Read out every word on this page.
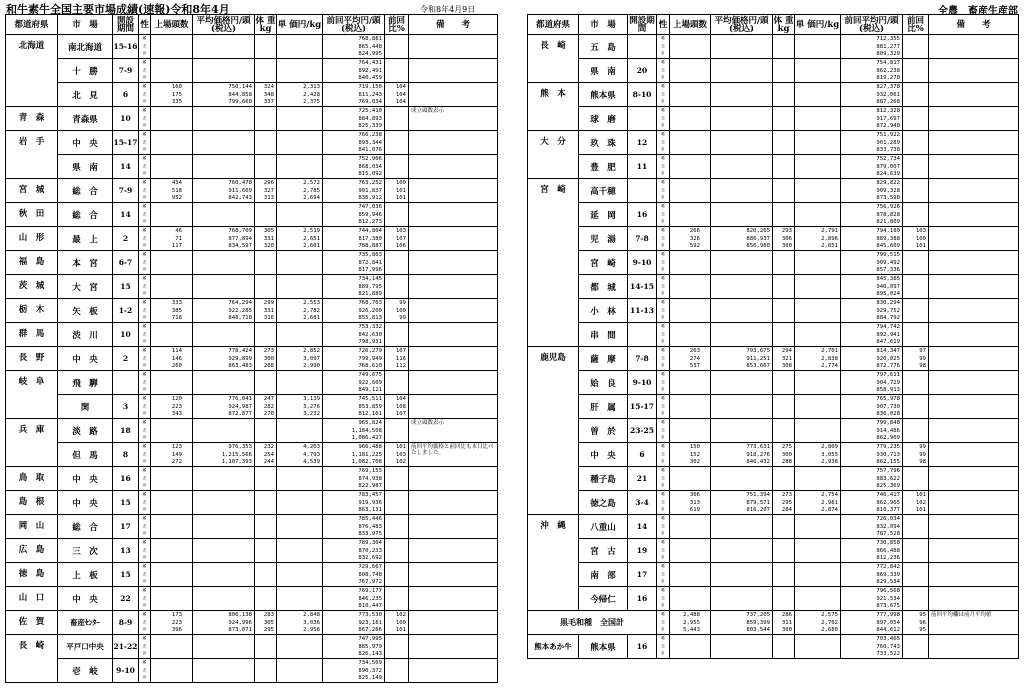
和牛素牛全国主要市場成績(速報)令和8年4月	令和8年4月9日	全農　畜産生産部
都道府県	市　場	開設期間	性	上場頭数	平均価格円/頭(税込)	体 重kg	単 価円/kg	前回平均円/頭(税込)	前回比%	備　　考
北海道	南北海道	15-16	雌					768,881		
			去					865,448		
			計					824,995		
	十　勝	7-9	雌					764,431		
			去					892,491		
			計					840,459		
	北　見	6	雌	160	750,144	324	2,313	719,150	104	
			去	175	844,858	348	2,428	811,243	104	
			計	335	799,660	337	2,375	769,034	104	
青　森	青森県	10	雌					725,410		成立頭数表示
			去					884,893		
			計					825,339		
岩　手	中　央	15-17	雌					766,238		
			去					893,344		
			計					841,076		
	県　南	14	雌					752,906		
			去					868,034		
			計					815,092		
宮　城	総　合	7-9	雌	434	760,478	296	2,572	763,252	100	
			去	518	911,669	327	2,785	901,837	101	
			計	952	842,743	313	2,694	836,912	101	
秋　田	総　合	14	雌					747,036		
			去					859,946		
			計					812,273		
山　形	最　上	2	雌	46	768,709	305	2,519	744,804	103	
			去	71	877,894	331	2,651	817,380	107	
			計	117	834,597	320	2,601	788,887	106	
福　島	本　宮	6-7	雌					735,863		
			去					872,841		
			計					817,996		
茨　城	大　宮	15	雌					734,145		
			去					889,795		
			計					821,889		
栃　木	矢　板	1-2	雌	333	764,294	299	2,553	768,763	99	
			去	385	922,285	331	2,782	926,200	100	
			計	718	848,718	316	2,681	855,813	99	
群　馬	渋　川	10	雌					753,332		
			去					842,630		
			計					798,931		
長　野	中　央	2	雌	114	778,424	273	2,852	726,279	107	
			去	146	929,899	300	3,097	799,949	116	
			計	260	863,483	288	2,990	768,610	112	
岐　阜	飛　騨		雌					749,675		
			去					922,609		
			計					849,121		
	関	3	雌	120	776,041	247	3,139	745,511	104	
			去	223	924,987	282	3,276	853,859	108	
			計	343	872,877	270	3,232	812,161	107	
兵　庫	淡　路	18	雌					965,824		成立頭数表示
			去					1,184,508		
			計					1,086,427		
	但　馬	8	雌	123	976,353	232	4,203	966,488	101	前回平均価格と前回比も本日比べたしました。
			去	149	1,215,566	254	4,793	1,181,225	103	
			計	272	1,107,393	244	4,539	1,082,708	102	
鳥　取	中　央	16	雌					769,155		
			去					874,938		
			計					822,987		
島　根	中　央	15	雌					783,457		
			去					919,936		
			計					863,131		
岡　山	総　合	17	雌					785,446		
			去					876,483		
			計					833,975		
広　島	三　次	13	雌					789,304		
			去					870,233		
			計					832,692		
徳　島	上　板	15	雌					729,667		
			去					808,748		
			計					767,972		
山　口	中　央	22	雌					769,177		
			去					846,235		
			計					810,447		
佐　賀	畜産ｾﾝﾀｰ	8-9	雌	173	806,138	283	2,848	773,530	102	
			去	223	924,996	305	3,036	923,181	100	
			計	396	873,071	295	2,956	867,286	101	
長　崎	平戸口中央	21-22	雌					747,995		
			去					885,979		
			計					826,143		
	壱　岐	9-10	雌					734,569		
			去					890,372		
			計					825,149		
都道府県	市　場	開設期間	性	上場頭数	平均価格円/頭(税込)	体 重kg	単 価円/kg	前回平均円/頭(税込)	前回比%	備　　考
長　崎	五　島		雌					712,355		
			去					881,277		
			計					809,329		
	県　南	20	雌					754,817		
			去					862,238		
			計					819,270		
熊　本	熊本県	8-10	雌					827,378		
			去					932,061		
			計					887,268		
	球　磨		雌					812,328		
			去					917,697		
			計					872,940		
大　分	玖　珠	12	雌					751,922		
			去					901,289		
			計					833,738		
	豊　肥	11	雌					752,734		
			去					879,007		
			計					824,639		
宮　崎	高千穂		雌					829,822		
			去					909,328		
			計					873,590		
	延　岡	16	雌					756,926		
			去					878,828		
			計					821,809		
	児　湯	7-8	雌	266	820,265	293	2,791	794,180	103	
			去	326	886,937	306	2,896	889,388	100	
			計	592	856,980	300	2,851	845,609	101	
	宮　崎	9-10	雌					799,515		
			去					909,492		
			計					857,336		
	都　城	14-15	雌					845,385		
			去					940,097		
			計					895,024		
	小　林	11-13	雌					830,294		
			去					929,752		
			計					884,792		
	串　間		雌					794,742		
			去					892,941		
			計					847,619		
鹿児島	薩　摩	7-8	雌	263	793,675	294	2,701	814,347	97	
			去	274	911,251	321	2,838	920,025	99	
			計	537	853,667	308	2,774	872,776	98	
	姶　良	9-10	雌					797,611		
			去					904,729		
			計					858,913		
	肝　属	15-17	雌					765,978		
			去					907,730		
			計					836,028		
	曽　於	23-25	雌					799,848		
			去					914,486		
			計					862,909		
	中　央	6	雌	150	773,631	275	2,809	779,235	99	
			去	152	918,276	300	3,055	930,713	99	
			計	302	846,432	288	2,938	862,155	98	
	種子島	21	雌					757,796		
			去					883,622		
			計					825,369		
	徳之島	3-4	雌	306	751,394	273	2,754	746,417	101	
			去	313	879,571	295	2,981	862,965	102	
			計	619	816,207	284	2,874	810,377	101	
沖　縄	八重山	14	雌					726,034		
			去					832,094		
			計					787,528		
	宮　古	19	雌					730,858		
			去					866,488		
			計					812,236		
	南　部	17	雌					772,842		
			去					869,339		
			計					829,534		
	今帰仁	16	雌					796,568		
			去					921,534		
			計					873,675		
黒毛和種　全国計			雌	2,488	737,205	286	2,575	777,998	95	前回平均欄は前月平均値
			去	2,955	859,399	311	2,762	897,054	96	
			計	5,443	803,544	300	2,680	844,612	95	
熊本あか牛	熊本県	16	雌					703,465		
			去					760,743		
			計					733,522		
